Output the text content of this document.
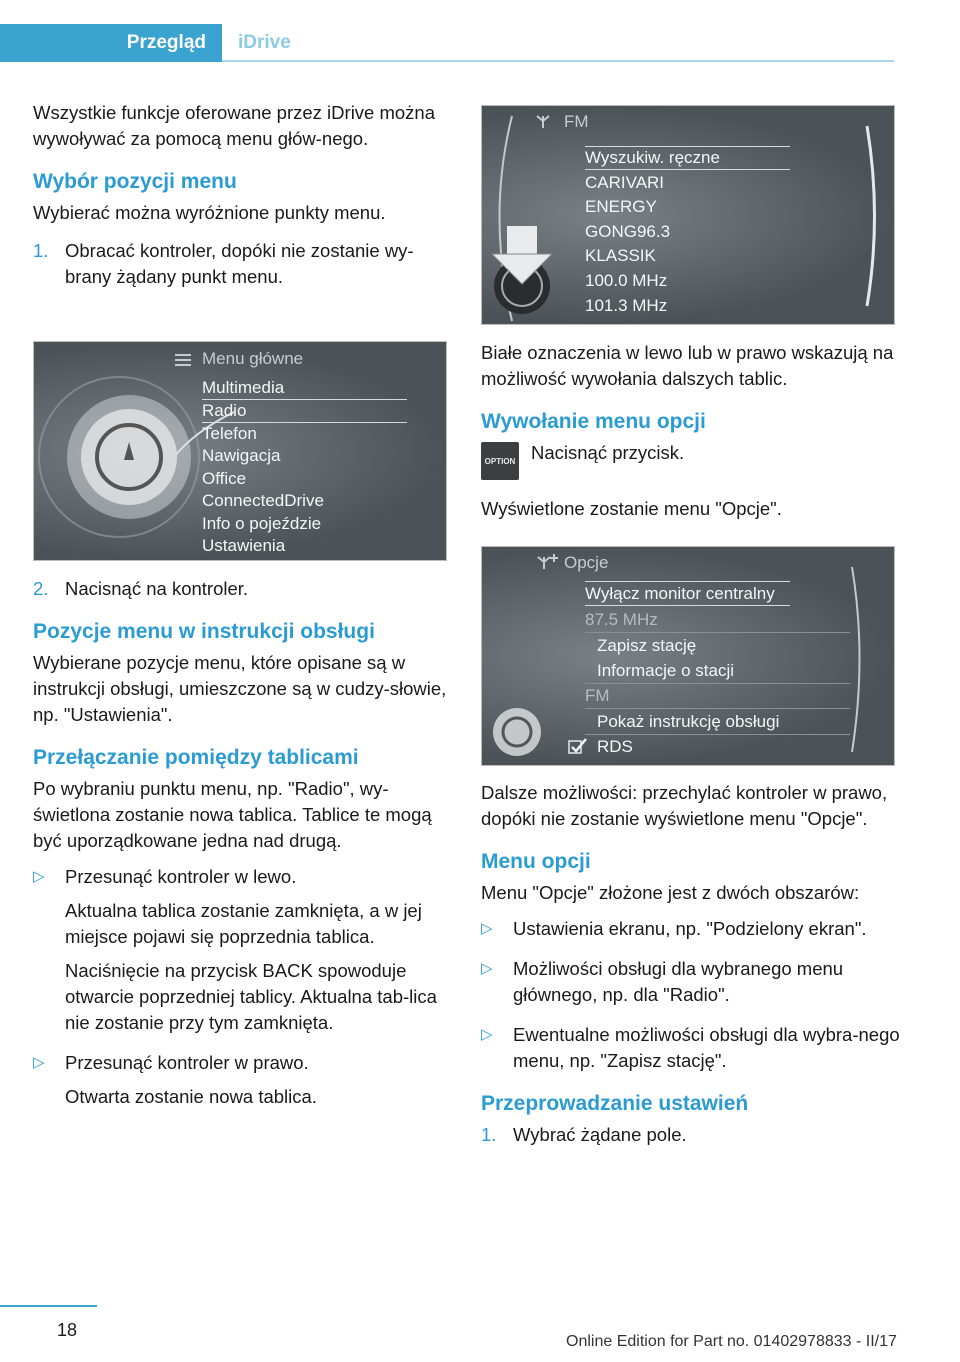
Przegląd iDrive

Wszystkie funkcje oferowane przez iDrive można wywoływać za pomocą menu głów‐nego.

Wybór pozycji menu

Wybierać można wyróżnione punkty menu.

1. Obracać kontroler, dopóki nie zostanie wy‐brany żądany punkt menu.
Menu główne
Multimedia
Radio
Telefon
Nawigacja
Office
ConnectedDrive
Info o pojeździe
Ustawienia
2. Nacisnąć na kontroler.
Pozycje menu w instrukcji obsługi

Wybierane pozycje menu, które opisane są w instrukcji obsługi, umieszczone są w cudzy‐słowie, np. "Ustawienia".

Przełączanie pomiędzy tablicami

Po wybraniu punktu menu, np. "Radio", wy‐świetlona zostanie nowa tablica. Tablice te mogą być uporządkowane jedna nad drugą.

▷ Przesunąć kontroler w lewo.
Aktualna tablica zostanie zamknięta, a w jej miejsce pojawi się poprzednia tablica.
Naciśnięcie na przycisk BACK spowoduje otwarcie poprzedniej tablicy. Aktualna tab‐lica nie zostanie przy tym zamknięta.
▷ Przesunąć kontroler w prawo.
Otwarta zostanie nowa tablica.
FM
Wyszukiw. ręczne
CARIVARI
ENERGY
GONG96.3
KLASSIK
100.0 MHz
101.3 MHz

Białe oznaczenia w lewo lub w prawo wskazują na możliwość wywołania dalszych tablic.

Wywołanie menu opcji
OPTION Nacisnąć przycisk.

Wyświetlone zostanie menu "Opcje".

Opcje
Wyłącz monitor centralny
87.5 MHz
Zapisz stację
Informacje o stacji
FM
Pokaż instrukcję obsługi
RDS

Dalsze możliwości: przechylać kontroler w prawo, dopóki nie zostanie wyświetlone menu "Opcje".

Menu opcji

Menu "Opcje" złożone jest z dwóch obszarów:

▷ Ustawienia ekranu, np. "Podzielony ekran".
▷ Możliwości obsługi dla wybranego menu głównego, np. dla "Radio".
▷ Ewentualne możliwości obsługi dla wybra‐nego menu, np. "Zapisz stację".
Przeprowadzanie ustawień
1. Wybrać żądane pole.
18
Online Edition for Part no. 01402978833 - II/17
